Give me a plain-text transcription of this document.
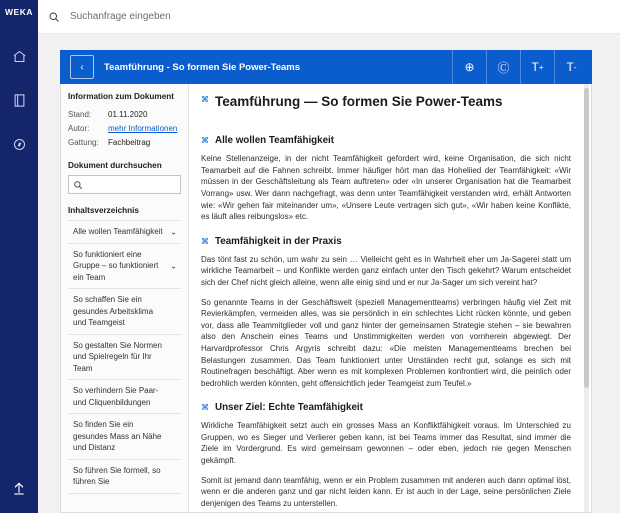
WEKA
Suchanfrage eingeben
‹	Teamführung - So formen Sie Power-Teams	⊕	Ⓒ	T + T -
Information zum Dokument
Stand:	01.11.2020
Autor:	mehr Informationen
Gattung:	Fachbeitrag
Dokument durchsuchen
Inhaltsverzeichnis
Alle wollen Teamfähigkeit ⌄
So funktioniert eine Gruppe – so funktioniert ein Team
⌄
So schaffen Sie ein gesundes Arbeitsklima und Teamgeist
So gestalten Sie Normen und Spielregeln für Ihr Team
So verhindern Sie Paar- und Cliquenbildungen
So finden Sie ein gesundes Mass an Nähe und Distanz
So führen Sie formell, so führen Sie
⌘ Teamführung — So formen Sie Power-Teams
⌘ Alle wollen Teamfähigkeit

Keine Stellenanzeige, in der nicht Teamfähigkeit gefordert wird, keine Organisation, die sich nicht Teamarbeit auf die Fahnen schreibt. Immer häufiger hört man das Hoheliied der Teamfähigkeit: «Wir müssen in der Geschäftsleitung als Team auftreten» oder «In unserer Organisation hat die Teamarbeit Vorrang» usw. Wer dann nachgefragt, was denn unter Teamfähigkeit verstanden wird, erhält Antworten wie: «Wir gehen fair miteinander um», «Unsere Leute vertragen sich gut», «Wir haben keine Konflikte, es läuft alles reibungslos» etc.

⌘ Teamfähigkeit in der Praxis

Das tönt fast zu schön, um wahr zu sein … Vielleicht geht es in Wahrheit eher um Ja-Sagerei statt um wirkliche Teamarbeit – und Konflikte werden ganz einfach unter den Tisch gekehrt? Warum entscheidet sich der Chef nicht gleich alleine, wenn alle einig sind und er nur Ja-Sager um sich vereint hat?

So genannte Teams in der Geschäftswelt (speziell Managementteams) verbringen häufig viel Zeit mit Revierkämpfen, vermeiden alles, was sie persönlich in ein schlechtes Licht rücken könnte, und geben vor, dass alle Teammitglieder voll und ganz hinter der gemeinsamen Strategie stehen – sie bewahren also den Anschein eines Teams und Unstimmigkeiten werden von vornherein abgewiegt. Der Harvardprofessor Chris Argyris schreibt dazu: «Die meisten Managementteams brechen bei Belastungen zusammen. Das Team funktioniert unter Umständen recht gut, solange es sich mit Routinefragen beschäftigt. Aber wenn es mit komplexen Problemen konfrontiert wird, die peinlich oder bedrohlich werden könnten, geht offensichtlich jeder Teamgeist zum Teufel.»

⌘ Unser Ziel: Echte Teamfähigkeit

Wirkliche Teamfähigkeit setzt auch ein grosses Mass an Konfliktfähigkeit voraus. Im Unterschied zu Gruppen, wo es Sieger und Verlierer geben kann, ist bei Teams immer das Resultat, sind immer die Ziele im Vordergrund. Es wird gemeinsam gewonnen – oder eben, jedoch nie gegen Menschen gekämpft.

Somit ist jemand dann teamfähig, wenn er ein Problem zusammen mit anderen auch dann optimal löst, wenn er die anderen ganz und gar nicht leiden kann. Er ist auch in der Lage, seine persönlichen Ziele denjenigen des Teams zu unterstellen.
